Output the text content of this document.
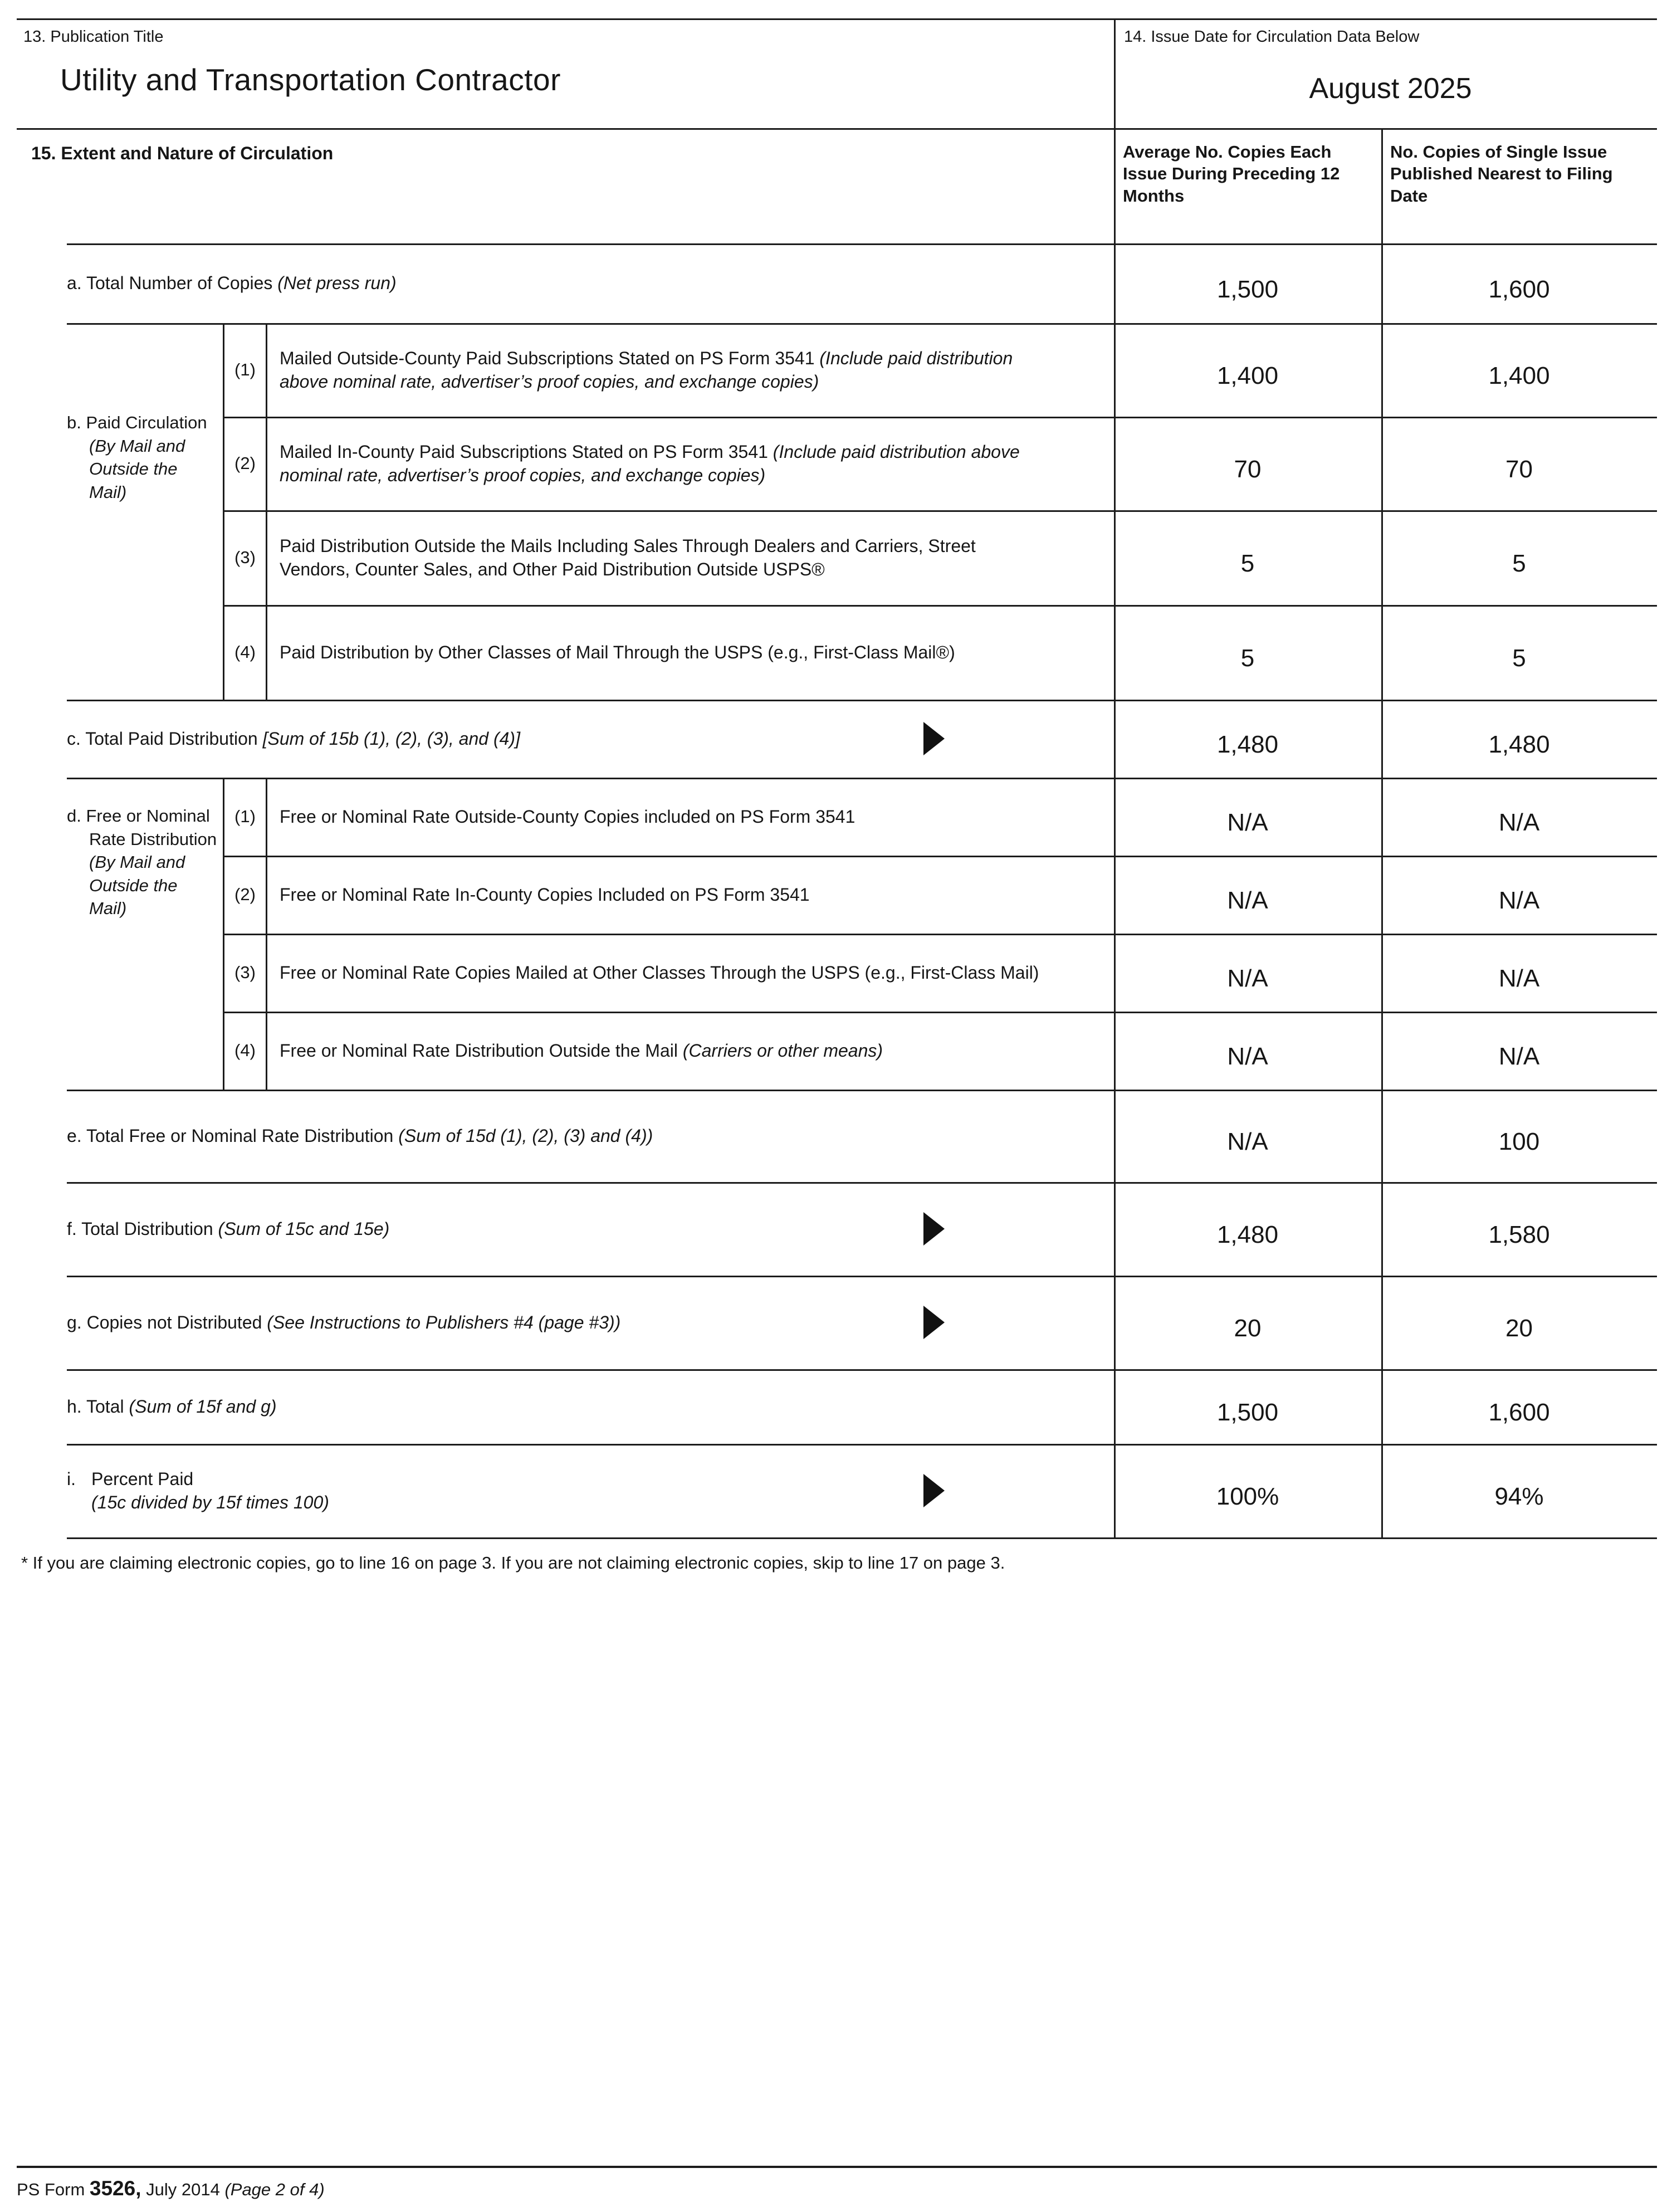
13. Publication Title
Utility and Transportation Contractor
14. Issue Date for Circulation Data Below
August 2025
15. Extent and Nature of Circulation	Average No. Copies Each Issue During Preceding 12 Months
No. Copies of Single Issue Published Nearest to Filing Date
a. Total Number of Copies (Net press run)	1,500	1,600
b. Paid Circulation (By Mail and Outside the Mail)
(1)
Mailed Outside-County Paid Subscriptions Stated on PS Form 3541 (Include paid distribution above nominal rate, advertiser’s proof copies, and exchange copies)	1,400	1,400
(2)
Mailed In-County Paid Subscriptions Stated on PS Form 3541 (Include paid distribution above nominal rate, advertiser’s proof copies, and exchange copies)	70	70
(3)
Paid Distribution Outside the Mails Including Sales Through Dealers and Carriers, Street Vendors, Counter Sales, and Other Paid Distribution Outside USPS®	5	5
(4)	Paid Distribution by Other Classes of Mail Through the USPS (e.g., First-Class Mail®)	5	5
c. Total Paid Distribution [Sum of 15b (1), (2), (3), and (4)]	1,480	1,480
d. Free or Nominal Rate Distribution (By Mail and Outside the Mail)
(1)	Free or Nominal Rate Outside-County Copies included on PS Form 3541	N/A	N/A
(2)	Free or Nominal Rate In-County Copies Included on PS Form 3541	N/A	N/A
(3)	Free or Nominal Rate Copies Mailed at Other Classes Through the USPS (e.g., First-Class Mail)	N/A	N/A
(4)	Free or Nominal Rate Distribution Outside the Mail (Carriers or other means)	N/A	N/A
e. Total Free or Nominal Rate Distribution (Sum of 15d (1), (2), (3) and (4))	N/A	100
f. Total Distribution (Sum of 15c and 15e)	1,480	1,580
g. Copies not Distributed (See Instructions to Publishers #4 (page #3))	20	20
h. Total (Sum of 15f and g)	1,500	1,600
i. Percent Paid
(15c divided by 15f times 100)	100%	94%
* If you are claiming electronic copies, go to line 16 on page 3. If you are not claiming electronic copies, skip to line 17 on page 3.
PS Form 3526, July 2014 (Page 2 of 4)
